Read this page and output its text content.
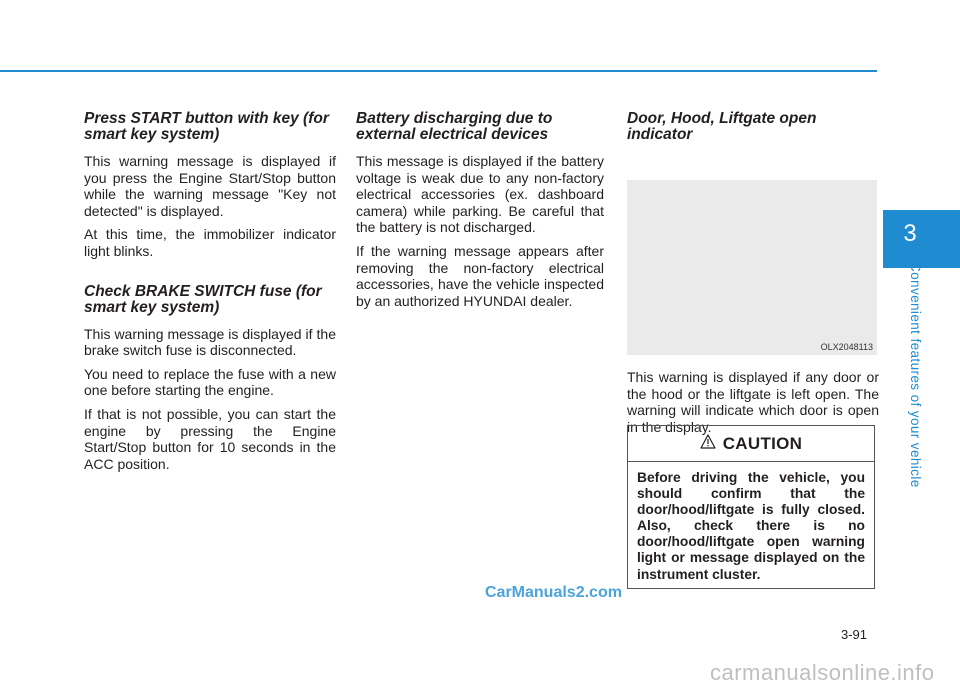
Press START button with key (for smart key system)

This warning message is displayed if you press the Engine Start/Stop button while the warning message "Key not detected" is displayed.

At this time, the immobilizer indicator light blinks.

Check BRAKE SWITCH fuse (for smart key system)

This warning message is displayed if the brake switch fuse is disconnected.

You need to replace the fuse with a new one before starting the engine.

If that is not possible, you can start the engine by pressing the Engine Start/Stop button for 10 seconds in the ACC position.

Battery discharging due to external electrical devices

This message is displayed if the battery voltage is weak due to any non-factory electrical accessories (ex. dashboard camera) while parking. Be careful that the battery is not discharged.

If the warning message appears after removing the non-factory electrical accessories, have the vehicle inspected by an authorized HYUNDAI dealer.

Door, Hood, Liftgate open indicator
OLX2048113

This warning is displayed if any door or the hood or the liftgate is left open. The warning will indicate which door is open in the display.

CAUTION
Before driving the vehicle, you should confirm that the door/hood/liftgate is fully closed. Also, check there is no door/hood/liftgate open warning light or message displayed on the instrument cluster.
3
Convenient features of your vehicle
3-91
CarManuals2.com
carmanualsonline.info
